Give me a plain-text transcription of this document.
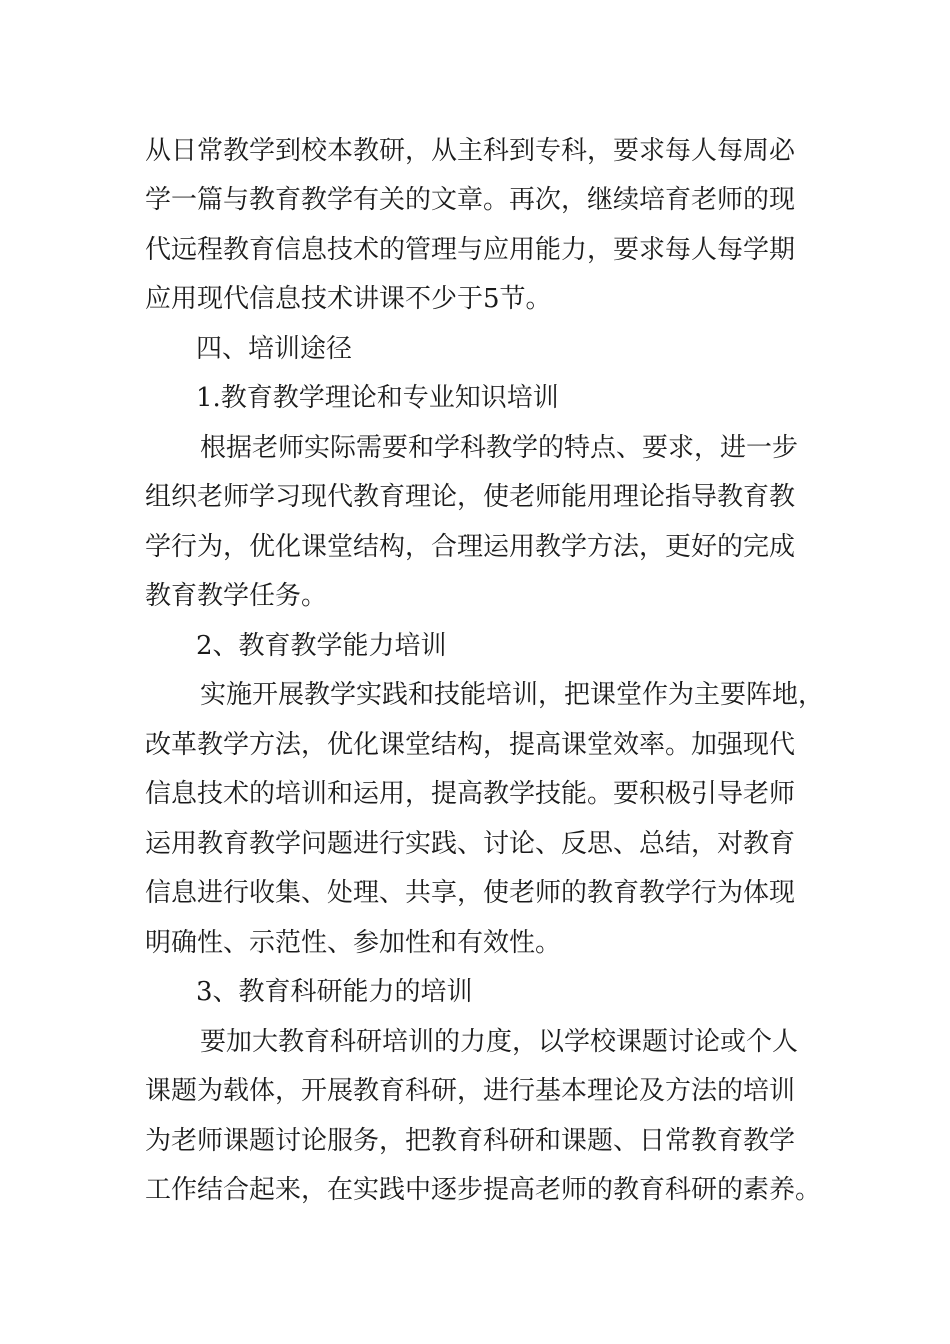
从日常教学到校本教研，从主科到专科，要求每人每周必
学一篇与教育教学有关的文章。再次，继续培育老师的现
代远程教育信息技术的管理与应用能力，要求每人每学期
应用现代信息技术讲课不少于5节。
四、培训途径
1.教育教学理论和专业知识培训
根据老师实际需要和学科教学的特点、要求，进一步
组织老师学习现代教育理论，使老师能用理论指导教育教
学行为，优化课堂结构，合理运用教学方法，更好的完成
教育教学任务。
2、教育教学能力培训
实施开展教学实践和技能培训，把课堂作为主要阵地，
改革教学方法，优化课堂结构，提高课堂效率。加强现代
信息技术的培训和运用，提高教学技能。要积极引导老师
运用教育教学问题进行实践、讨论、反思、总结，对教育
信息进行收集、处理、共享，使老师的教育教学行为体现
明确性、示范性、参加性和有效性。
3、教育科研能力的培训
要加大教育科研培训的力度，以学校课题讨论或个人
课题为载体，开展教育科研，进行基本理论及方法的培训
为老师课题讨论服务，把教育科研和课题、日常教育教学
工作结合起来，在实践中逐步提高老师的教育科研的素养。
